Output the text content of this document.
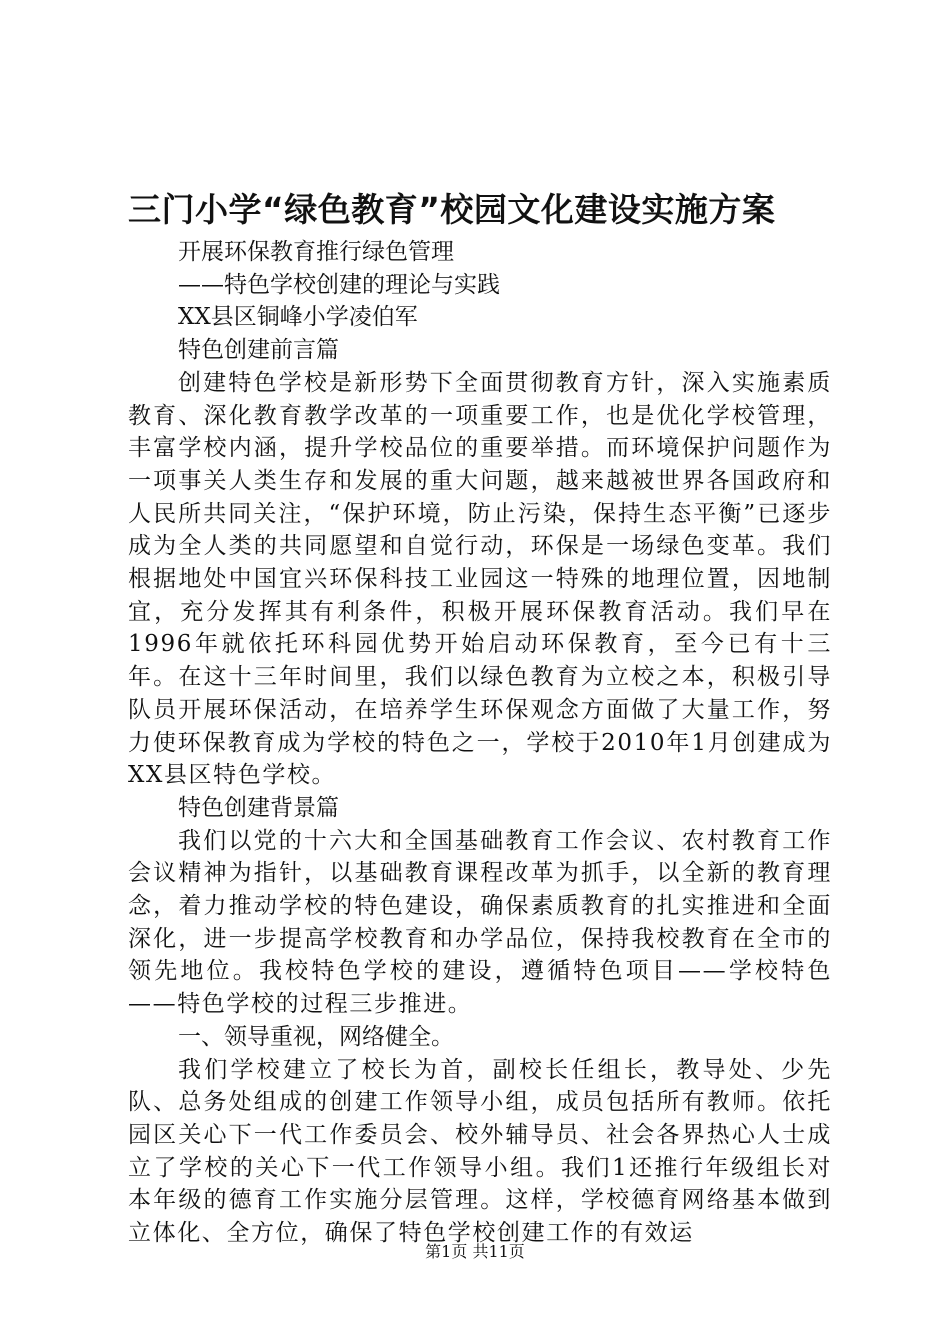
三门小学“绿色教育”校园文化建设实施方案

开展环保教育推行绿色管理

——特色学校创建的理论与实践

XX县区铜峰小学凌伯军

特色创建前言篇

创建特色学校是新形势下全面贯彻教育方针，深入实施素质教育、深化教育教学改革的一项重要工作，也是优化学校管理，丰富学校内涵，提升学校品位的重要举措。而环境保护问题作为一项事关人类生存和发展的重大问题，越来越被世界各国政府和人民所共同关注，“保护环境，防止污染，保持生态平衡”已逐步成为全人类的共同愿望和自觉行动，环保是一场绿色变革。我们根据地处中国宜兴环保科技工业园这一特殊的地理位置，因地制宜，充分发挥其有利条件，积极开展环保教育活动。我们早在1996年就依托环科园优势开始启动环保教育，至今已有十三年。在这十三年时间里，我们以绿色教育为立校之本，积极引导队员开展环保活动，在培养学生环保观念方面做了大量工作，努力使环保教育成为学校的特色之一，学校于2010年1月创建成为XX县区特色学校。

特色创建背景篇

我们以党的十六大和全国基础教育工作会议、农村教育工作会议精神为指针，以基础教育课程改革为抓手，以全新的教育理念，着力推动学校的特色建设，确保素质教育的扎实推进和全面深化，进一步提高学校教育和办学品位，保持我校教育在全市的领先地位。我校特色学校的建设，遵循特色项目——学校特色——特色学校的过程三步推进。

一、领导重视，网络健全。

我们学校建立了校长为首，副校长任组长，教导处、少先队、总务处组成的创建工作领导小组，成员包括所有教师。依托园区关心下一代工作委员会、校外辅导员、社会各界热心人士成立了学校的关心下一代工作领导小组。我们1还推行年级组长对本年级的德育工作实施分层管理。这样，学校德育网络基本做到立体化、全方位，确保了特色学校创建工作的有效运

第1页 共11页
